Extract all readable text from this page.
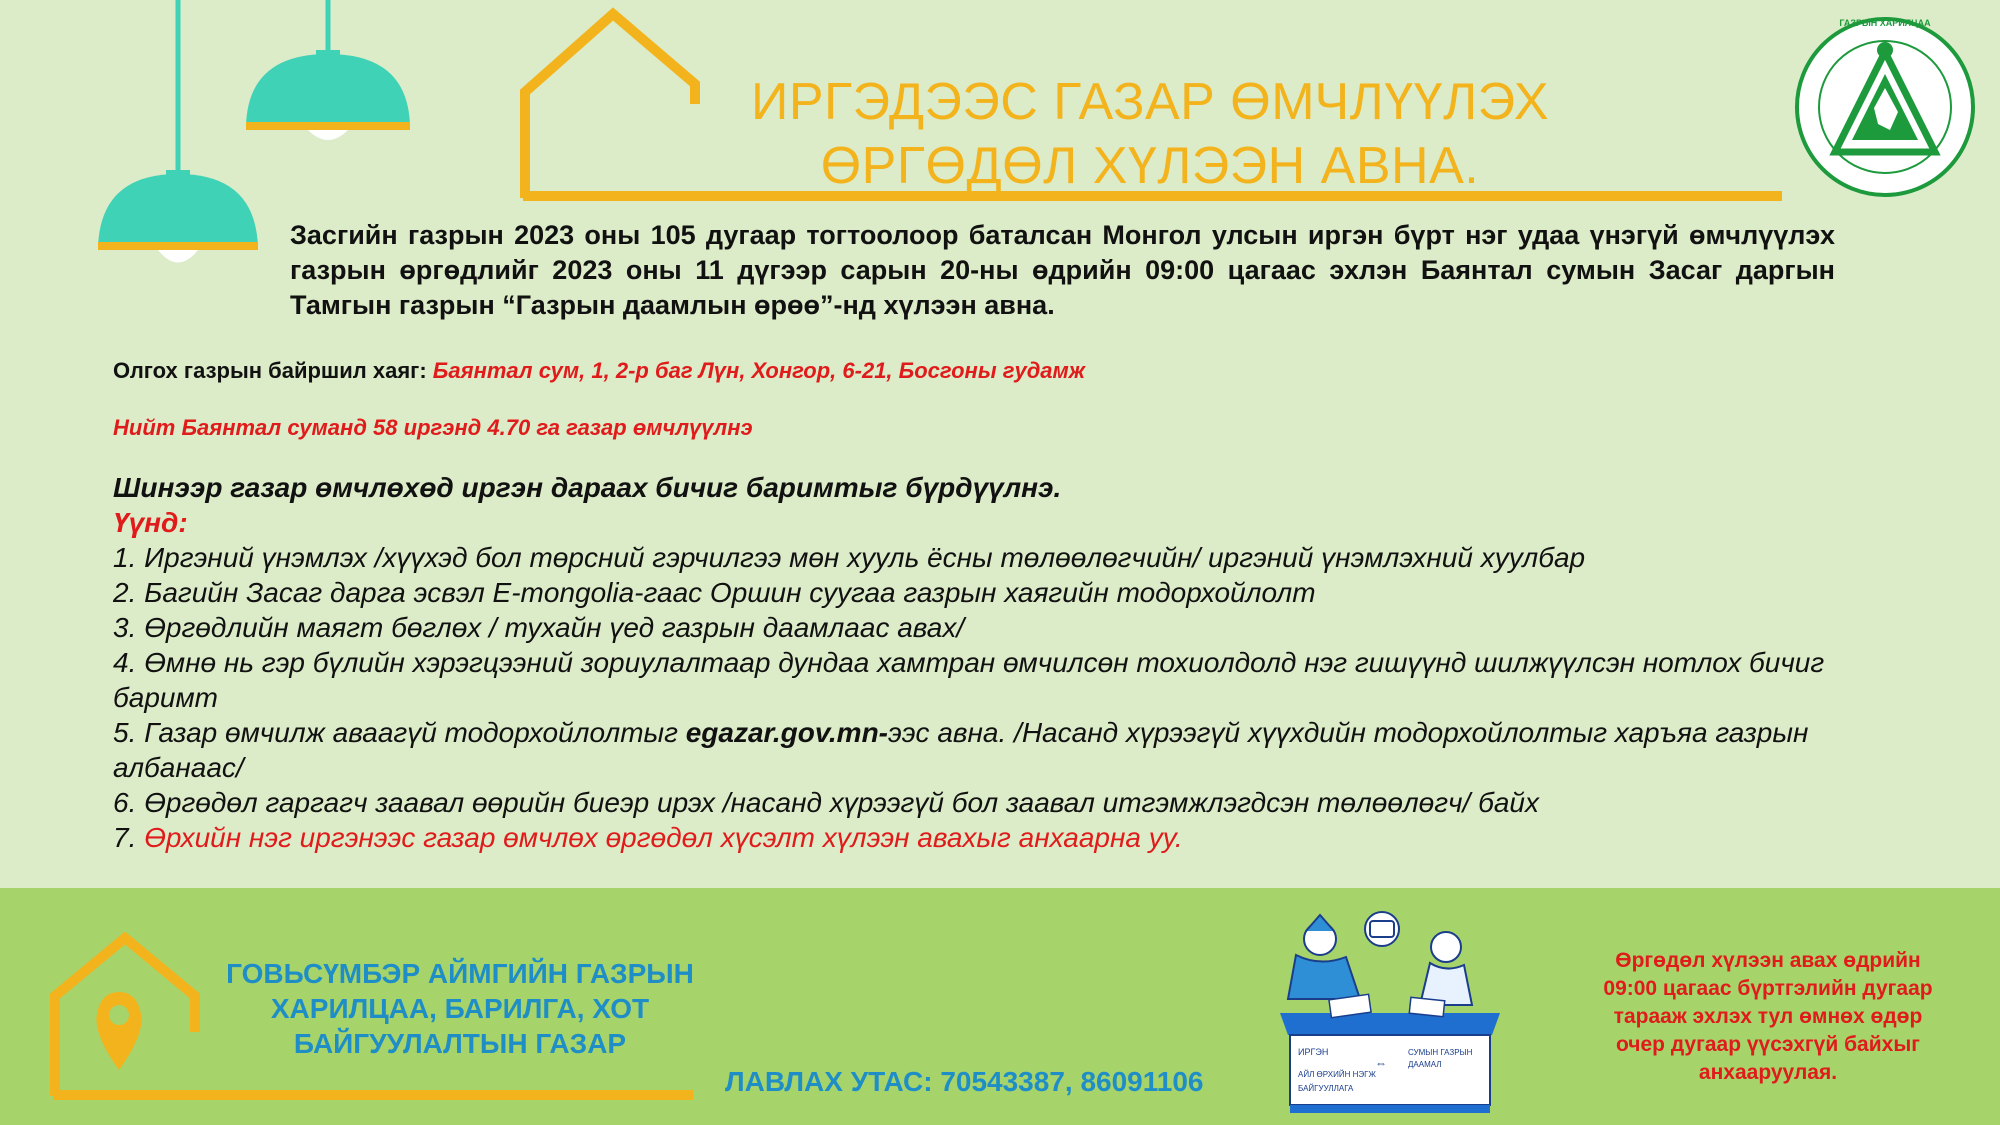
ИРГЭДЭЭС ГАЗАР ӨМЧЛҮҮЛЭХ
ӨРГӨДӨЛ ХҮЛЭЭН АВНА.
ГАЗРЫН ХАРИЛЦАА
Засгийн газрын 2023 оны 105 дугаар тогтоолоор баталсан Монгол улсын иргэн бүрт нэг удаа үнэгүй өмчлүүлэх газрын өргөдлийг 2023 оны 11 дүгээр сарын 20-ны өдрийн 09:00 цагаас эхлэн Баянтал сумын Засаг даргын Тамгын газрын “Газрын даамлын өрөө”-нд хүлээн авна.
Олгох газрын байршил хаяг: Баянтал сум, 1, 2-р баг Лүн, Хонгор, 6-21, Босгоны гудамж
Нийт Баянтал суманд 58 иргэнд 4.70 га газар өмчлүүлнэ
Шинээр газар өмчлөхөд иргэн дараах бичиг баримтыг бүрдүүлнэ.
Үүнд:
1. Иргэний үнэмлэх /хүүхэд бол төрсний гэрчилгээ мөн хууль ёсны төлөөлөгчийн/ иргэний үнэмлэхний хуулбар
2. Багийн Засаг дарга эсвэл E-mongolia-гаас Оршин суугаа газрын хаягийн тодорхойлолт
3. Өргөдлийн маягт бөглөх / тухайн үед газрын даамлаас авах/
4. Өмнө нь гэр бүлийн хэрэгцээний зориулалтаар дундаа хамтран өмчилсөн тохиолдолд нэг гишүүнд шилжүүлсэн нотлох бичиг баримт
5. Газар өмчилж аваагүй тодорхойлолтыг egazar.gov.mn-ээс авна. /Насанд хүрээгүй хүүхдийн тодорхойлолтыг харъяа газрын албанаас/
6. Өргөдөл гаргагч заавал өөрийн биеэр ирэх /насанд хүрээгүй бол заавал итгэмжлэгдсэн төлөөлөгч/ байх
7. Өрхийн нэг иргэнээс газар өмчлөх өргөдөл хүсэлт хүлээн авахыг анхаарна уу.
ГОВЬСҮМБЭР АЙМГИЙН ГАЗРЫН
ХАРИЛЦАА, БАРИЛГА, ХОТ
БАЙГУУЛАЛТЫН ГАЗАР
ЛАВЛАХ УТАС: 70543387, 86091106
ИРГЭН
АЙЛ ӨРХИЙН НЭГЖ
БАЙГУУЛЛАГА
⇔
СУМЫН ГАЗРЫН
ДААМАЛ
Өргөдөл хүлээн авах өдрийн
09:00 цагаас бүртгэлийн дугаар
тарааж эхлэх тул өмнөх өдөр
очер дугаар үүсэхгүй байхыг
анхааруулая.
